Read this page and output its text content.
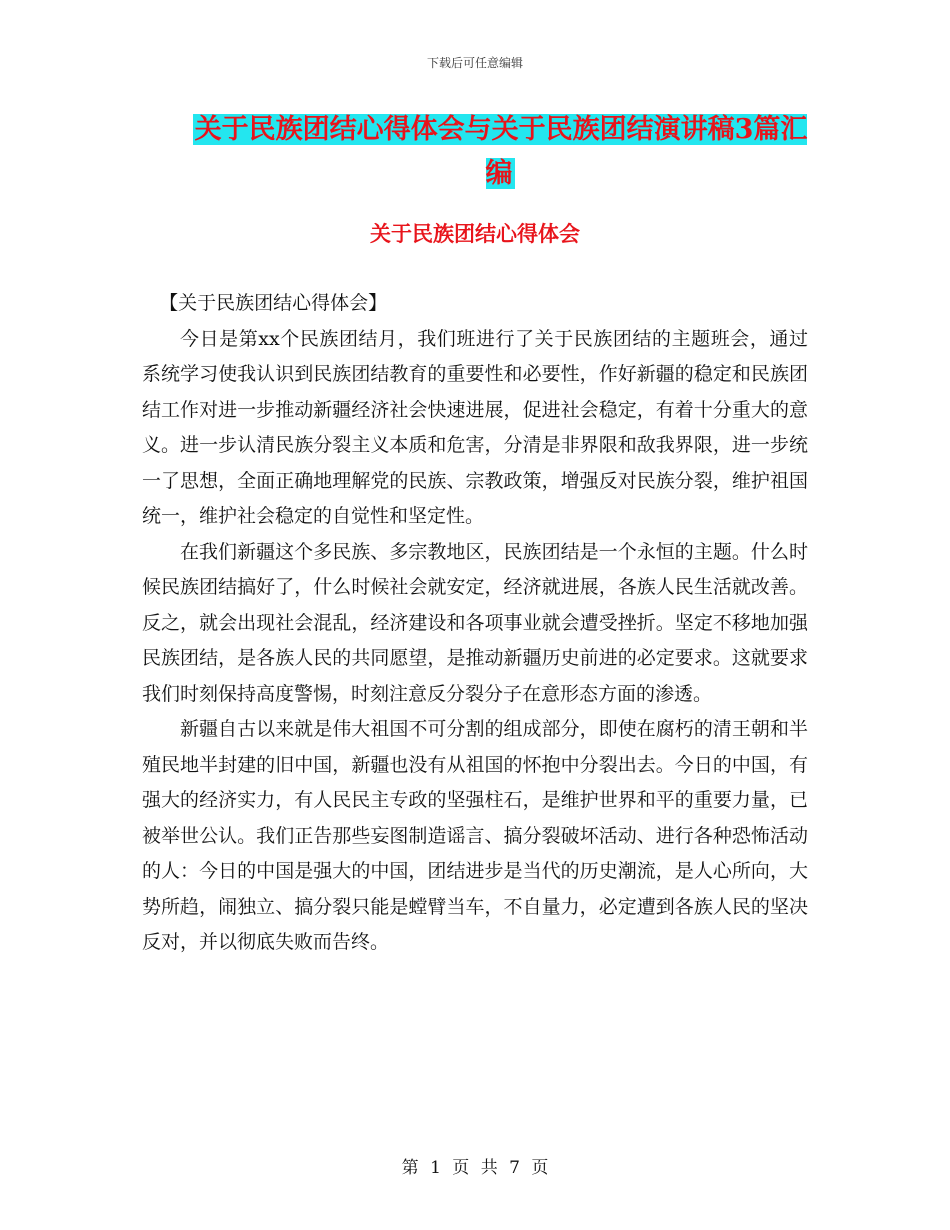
下载后可任意编辑
关于民族团结心得体会与关于民族团结演讲稿3篇汇编
关于民族团结心得体会

【关于民族团结心得体会】

今日是第xx个民族团结月，我们班进行了关于民族团结的主题班会，通过系统学习使我认识到民族团结教育的重要性和必要性，作好新疆的稳定和民族团结工作对进一步推动新疆经济社会快速进展，促进社会稳定，有着十分重大的意义。进一步认清民族分裂主义本质和危害，分清是非界限和敌我界限，进一步统一了思想，全面正确地理解党的民族、宗教政策，增强反对民族分裂，维护祖国统一，维护社会稳定的自觉性和坚定性。

在我们新疆这个多民族、多宗教地区，民族团结是一个永恒的主题。什么时候民族团结搞好了，什么时候社会就安定，经济就进展，各族人民生活就改善。反之，就会出现社会混乱，经济建设和各项事业就会遭受挫折。坚定不移地加强民族团结，是各族人民的共同愿望，是推动新疆历史前进的必定要求。这就要求我们时刻保持高度警惕，时刻注意反分裂分子在意形态方面的渗透。

新疆自古以来就是伟大祖国不可分割的组成部分，即使在腐朽的清王朝和半殖民地半封建的旧中国，新疆也没有从祖国的怀抱中分裂出去。今日的中国，有强大的经济实力，有人民民主专政的坚强柱石，是维护世界和平的重要力量，已被举世公认。我们正告那些妄图制造谣言、搞分裂破坏活动、进行各种恐怖活动的人：今日的中国是强大的中国，团结进步是当代的历史潮流，是人心所向，大势所趋，闹独立、搞分裂只能是螳臂当车，不自量力，必定遭到各族人民的坚决反对，并以彻底失败而告终。

第 1 页 共 7 页
